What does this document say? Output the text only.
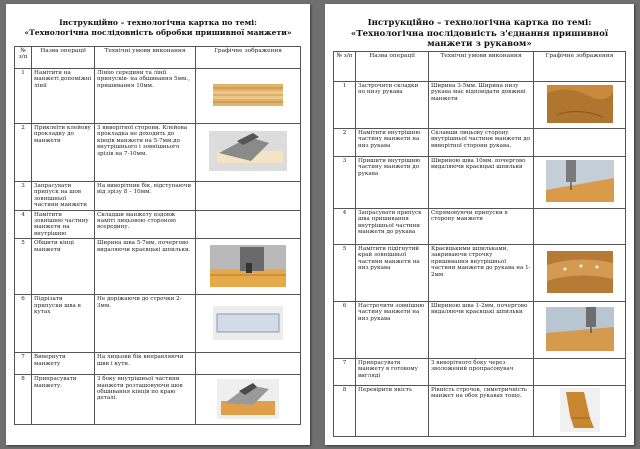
Інструкційно – технологічна картка по темі:
«Технологічна послідовність обробки пришивної манжети»
№ з/п	Назва операції	Технічні умови виконання	Графічне зображення
1	Намітити на манжеті допоміжні лінії	Лінію середини та лінії припусків- на обшивання 5мм., пришивання 10мм.	
2	Приклеїти клейову прокладку до манжети	З виворітної сторони. Клейова прокладка не доходить до кінців манжети на 5-7мм.до внутрішнього і зовнішнього зрізів на 7-10мм.	
3	Запрасувати припуск на шов зовнішньої частини манжети	На виворітник бік, відступаючи від зрізу 8 – 10мм.	
4	Намітити зовнішню частину манжети на внутрішню	Складши манжету вздовж наміті лицьовою стороною всередину.	
5	Обшити кінці манжети	Ширина шва 5-7мм, почергово видаляючи краєвцькі шпильки.	
6	Підрізати припуски шва в кутах	Не доріжаючи до строчки 2-3мм.	
7	Вивернути манжету	На лицьови бік виправляючи шви і кути.	
8	Припрасувати манжету.	З боку внутрішньої частини манжети розташовуючи шов обшивання кінців по краю деталі.	
Інструкційно – технологічна картка по темі:
«Технологічна послідовність з'єднання пришивної манжети з рукавом»
№ з/п	Назва операції	Технічні умови виконання	Графічне зображення
1	Застрочити складки по низу рукава	Ширина 3-5мм. Ширина низу рукава має відповідати довжині манжети	
2	Намітити внутрішню частину манжети на низ рукава	Склавши лицьову сторону внутрішньої частини манжети до виворітної сторони рукава.	
3	Пришити внутрішню частину манжети до рукава	Шириною шва 10мм. почергово видаляючи краєвцькі шпильки	
4	Запрасувати припуск шва пришивання внутрішньої частини манжети до рукава	Спрямовуючи припуски в сторону манжети	
5	Намітити підігнутий край зовнішньої частини манжети на низ рукава	Краєвцькими шпильками, закриваючи строчку пришивання внутрішньої частини манжети до рукава на 1-2мм	
6	Настрочити зовнішню частину манжети на низ рукава	Шириною шва 1-2мм, почергово видаляючи краєвцькі шпильки	
7	Припрасувати манжету в готовому вигляді	З виворітного боку через зволожений пропрасовувач	
8	Перевірити якість	Рівність строчок, симетричність манжет на обох рукавах тощо.	
